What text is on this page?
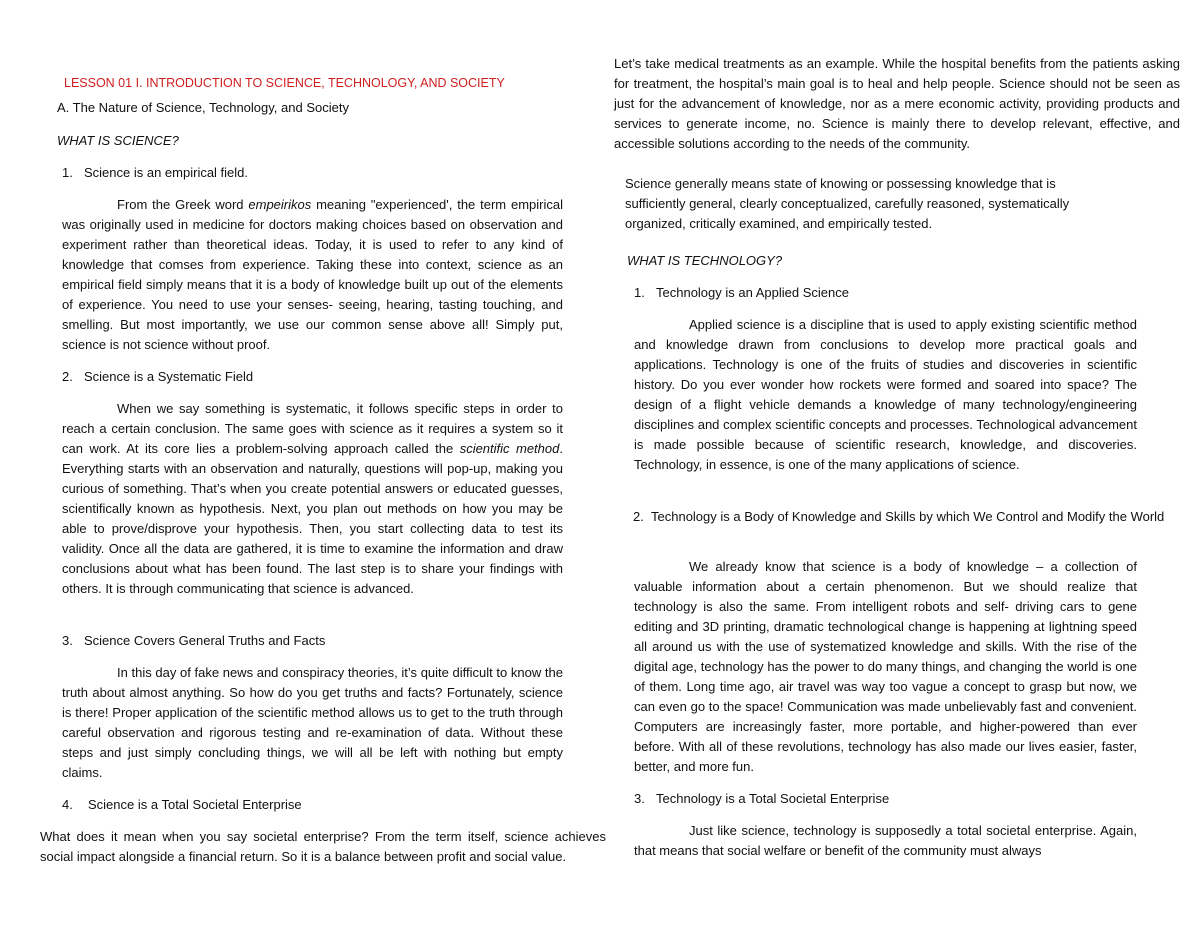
LESSON 01 I. INTRODUCTION TO SCIENCE, TECHNOLOGY, AND SOCIETY

A. The Nature of Science, Technology, and Society

WHAT IS SCIENCE?

1. Science is an empirical field.

From the Greek word empeirikos meaning "experienced', the term empirical was originally used in medicine for doctors making choices based on observation and experiment rather than theoretical ideas. Today, it is used to refer to any kind of knowledge that comses from experience. Taking these into context, science as an empirical field simply means that it is a body of knowledge built up out of the elements of experience. You need to use your senses- seeing, hearing, tasting touching, and smelling. But most importantly, we use our common sense above all! Simply put, science is not science without proof.

2. Science is a Systematic Field

When we say something is systematic, it follows specific steps in order to reach a certain conclusion. The same goes with science as it requires a system so it can work. At its core lies a problem-solving approach called the scientific method. Everything starts with an observation and naturally, questions will pop-up, making you curious of something. That’s when you create potential answers or educated guesses, scientifically known as hypothesis. Next, you plan out methods on how you may be able to prove/disprove your hypothesis. Then, you start collecting data to test its validity. Once all the data are gathered, it is time to examine the information and draw conclusions about what has been found. The last step is to share your findings with others. It is through communicating that science is advanced.

3. Science Covers General Truths and Facts

In this day of fake news and conspiracy theories, it’s quite difficult to know the truth about almost anything. So how do you get truths and facts? Fortunately, science is there! Proper application of the scientific method allows us to get to the truth through careful observation and rigorous testing and re-examination of data. Without these steps and just simply concluding things, we will all be left with nothing but empty claims.

4. Science is a Total Societal Enterprise

What does it mean when you say societal enterprise? From the term itself, science achieves social impact alongside a financial return. So it is a balance between profit and social value.

Let’s take medical treatments as an example. While the hospital benefits from the patients asking for treatment, the hospital’s main goal is to heal and help people. Science should not be seen as just for the advancement of knowledge, nor as a mere economic activity, providing products and services to generate income, no. Science is mainly there to develop relevant, effective, and accessible solutions according to the needs of the community.

Science generally means state of knowing or possessing knowledge that is sufficiently general, clearly conceptualized, carefully reasoned, systematically organized, critically examined, and empirically tested.

WHAT IS TECHNOLOGY?

1. Technology is an Applied Science

Applied science is a discipline that is used to apply existing scientific method and knowledge drawn from conclusions to develop more practical goals and applications. Technology is one of the fruits of studies and discoveries in scientific history. Do you ever wonder how rockets were formed and soared into space? The design of a flight vehicle demands a knowledge of many technology/engineering disciplines and complex scientific concepts and processes. Technological advancement is made possible because of scientific research, knowledge, and discoveries. Technology, in essence, is one of the many applications of science.

2. Technology is a Body of Knowledge and Skills by which We Control and Modify the World

We already know that science is a body of knowledge – a collection of valuable information about a certain phenomenon. But we should realize that technology is also the same. From intelligent robots and self- driving cars to gene editing and 3D printing, dramatic technological change is happening at lightning speed all around us with the use of systematized knowledge and skills. With the rise of the digital age, technology has the power to do many things, and changing the world is one of them. Long time ago, air travel was way too vague a concept to grasp but now, we can even go to the space! Communication was made unbelievably fast and convenient. Computers are increasingly faster, more portable, and higher-powered than ever before. With all of these revolutions, technology has also made our lives easier, faster, better, and more fun.

3. Technology is a Total Societal Enterprise

Just like science, technology is supposedly a total societal enterprise. Again, that means that social welfare or benefit of the community must always
